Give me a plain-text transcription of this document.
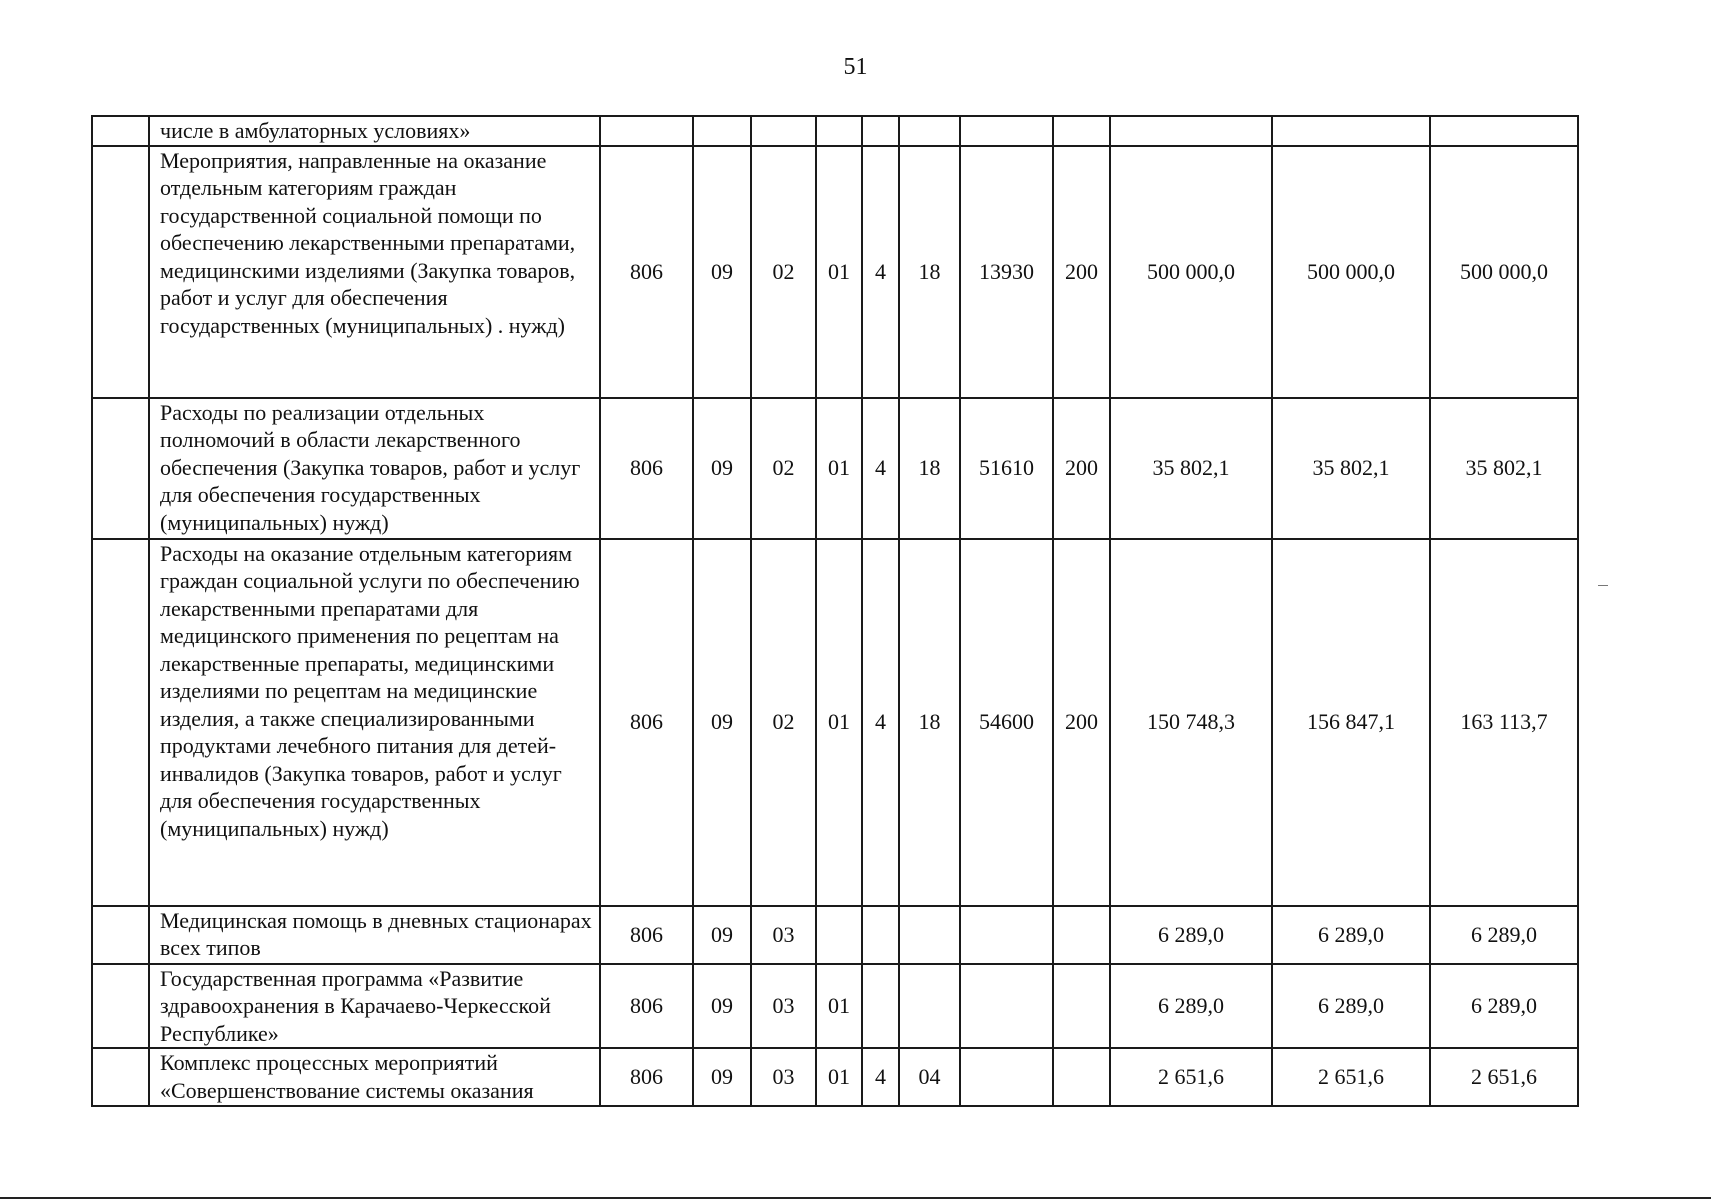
51
	числе в амбулаторных условиях»											
	Мероприятия, направленные на оказание отдельным категориям граждан государственной социальной помощи по обеспечению лекарственными препаратами, медицинскими изделиями (Закупка товаров, работ и услуг для обеспечения государственных (муниципальных) . нужд)	806	09	02	01	4	18	13930	200	500 000,0	500 000,0	500 000,0
	Расходы по реализации отдельных полномочий в области лекарственного обеспечения (Закупка товаров, работ и услуг для обеспечения государственных (муниципальных) нужд)	806	09	02	01	4	18	51610	200	35 802,1	35 802,1	35 802,1
	Расходы на оказание отдельным категориям граждан социальной услуги по обеспечению лекарственными препаратами для медицинского применения по рецептам на лекарственные препараты, медицинскими изделиями по рецептам на медицинские изделия, а также специализированными продуктами лечебного питания для детей-инвалидов (Закупка товаров, работ и услуг для обеспечения государственных (муниципальных) нужд)	806	09	02	01	4	18	54600	200	150 748,3	156 847,1	163 113,7
	Медицинская помощь в дневных стационарах всех типов	806	09	03						6 289,0	6 289,0	6 289,0
	Государственная программа «Развитие здравоохранения в Карачаево-Черкесской Республике»	806	09	03	01					6 289,0	6 289,0	6 289,0
	Комплекс процессных мероприятий «Совершенствование системы оказания	806	09	03	01	4	04			2 651,6	2 651,6	2 651,6
